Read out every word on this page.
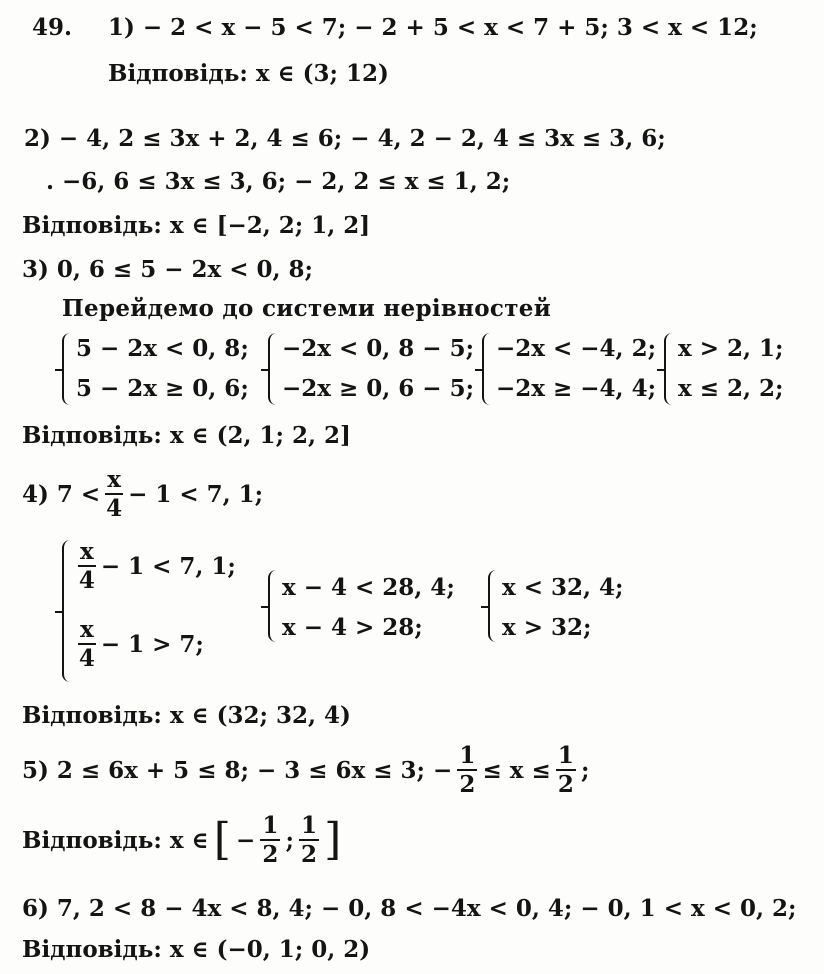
49. 1) − 2 < x − 5 < 7; − 2 + 5 < x < 7 + 5; 3 < x < 12;
Відповідь: x ∈ (3; 12)
2) − 4, 2 ≤ 3x + 2, 4 ≤ 6; − 4, 2 − 2, 4 ≤ 3x ≤ 3, 6;
. −6, 6 ≤ 3x ≤ 3, 6; − 2, 2 ≤ x ≤ 1, 2;
Відповідь: x ∈ [−2, 2; 1, 2]
3) 0, 6 ≤ 5 − 2x < 0, 8;
Перейдемо до системи нерівностей
5 − 2x < 0, 8;
5 − 2x ≥ 0, 6;
−2x < 0, 8 − 5;
−2x ≥ 0, 6 − 5;
−2x < −4, 2;
−2x ≥ −4, 4;
x > 2, 1;
x ≤ 2, 2;
Відповідь: x ∈ (2, 1; 2, 2]
4) $7 < \frac{x}{4} - 1 < 7$, 1;
$\frac{x}{4} - 1 < 7$, 1;
$\frac{x}{4} - 1 > 7$;
x − 4 < 28, 4;
x − 4 > 28;
x < 32, 4;
x > 32;
Відповідь: x ∈ (32; 32, 4)
5) 2 ≤ 6x + 5 ≤ 8; − 3 ≤ 6x ≤ 3; − $\frac{1}{2} \le x \le \frac{1}{2}$ ;
Відповідь: x ∈ [ − $\frac{1}{2}$ ; $\frac{1}{2}$ ]
6) 7, 2 < 8 − 4x < 8, 4; − 0, 8 < −4x < 0, 4; − 0, 1 < x < 0, 2;
Відповідь: x ∈ (−0, 1; 0, 2)
